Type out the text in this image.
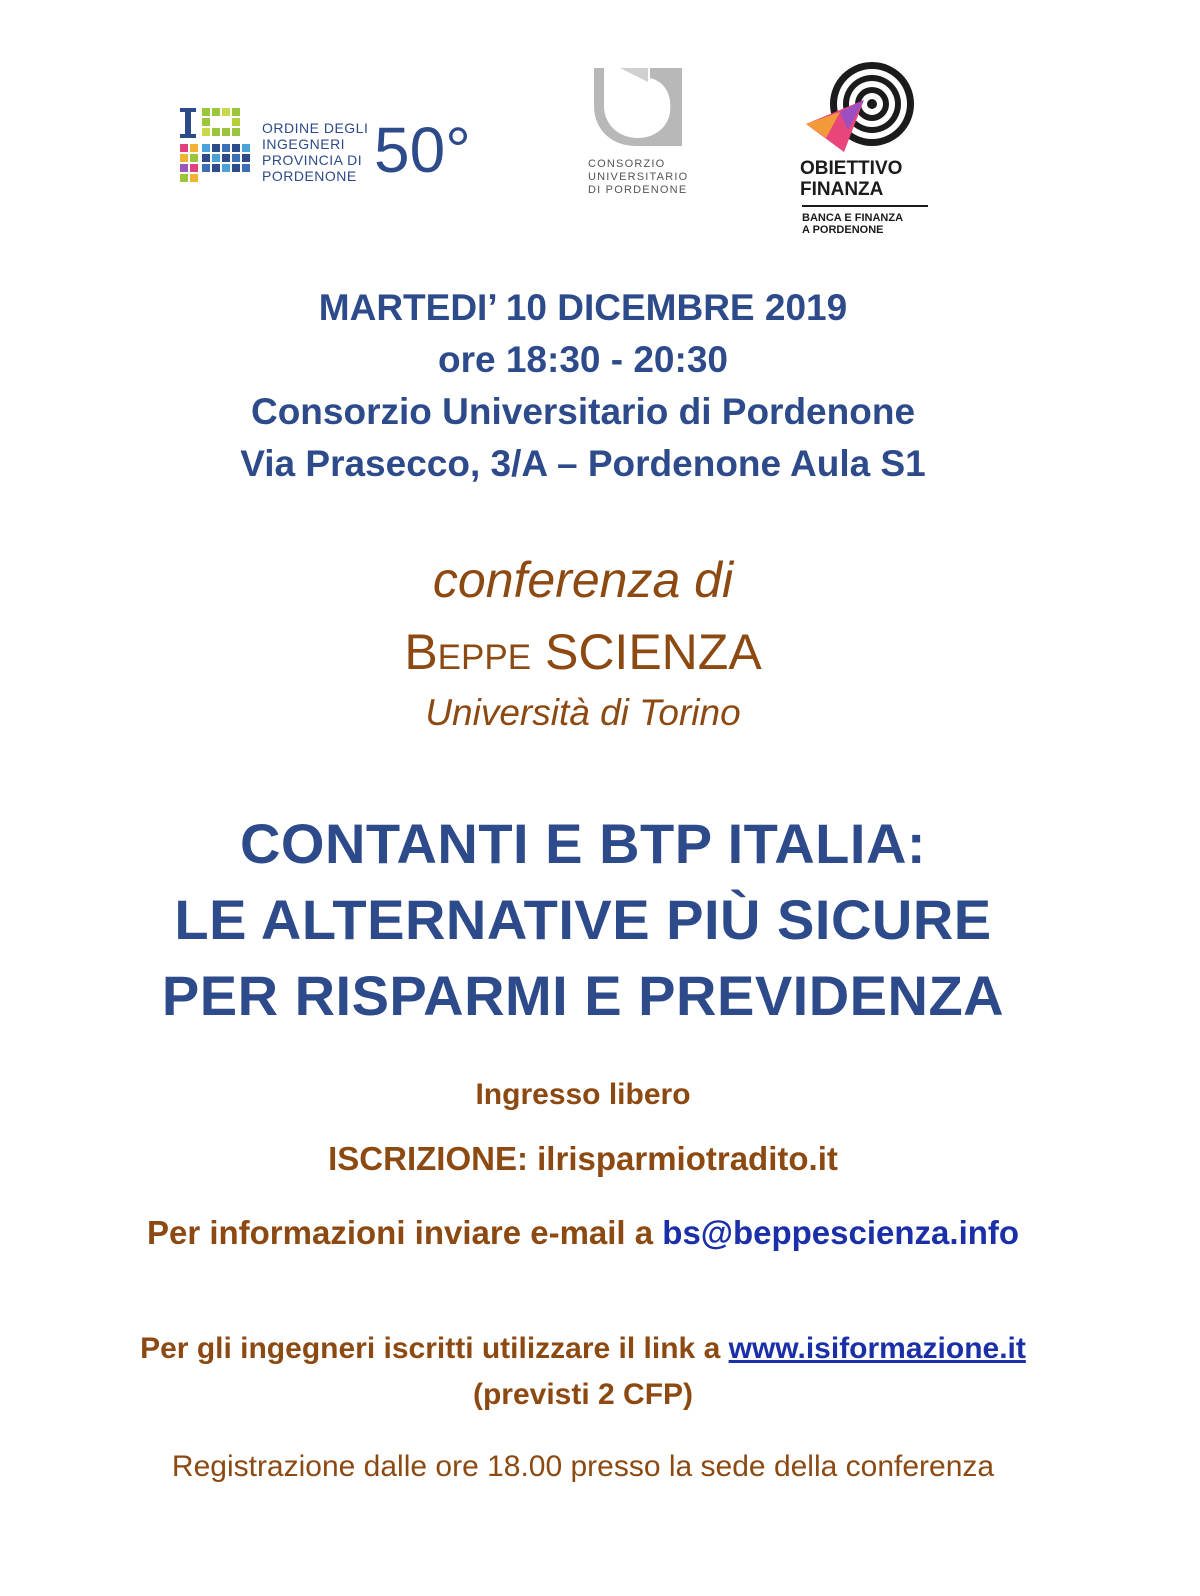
ORDINE DEGLI
INGEGNERI
PROVINCIA DI
PORDENONE 50°	CONSORZIO
UNIVERSITARIO
DI PORDENONE
OBIETTIVO
FINANZA
BANCA E FINANZA
A PORDENONE
MARTEDI’ 10 DICEMBRE 2019
ore 18:30 - 20:30
Consorzio Universitario di Pordenone
Via Prasecco, 3/A – Pordenone Aula S1
conferenza di
Beppe SCIENZA
Università di Torino
CONTANTI E BTP ITALIA:
LE ALTERNATIVE PIÙ SICURE
PER RISPARMI E PREVIDENZA
Ingresso libero
ISCRIZIONE: ilrisparmiotradito.it
Per informazioni inviare e-mail a bs@beppescienza.info
Per gli ingegneri iscritti utilizzare il link a www.isiformazione.it
(previsti 2 CFP)
Registrazione dalle ore 18.00 presso la sede della conferenza
